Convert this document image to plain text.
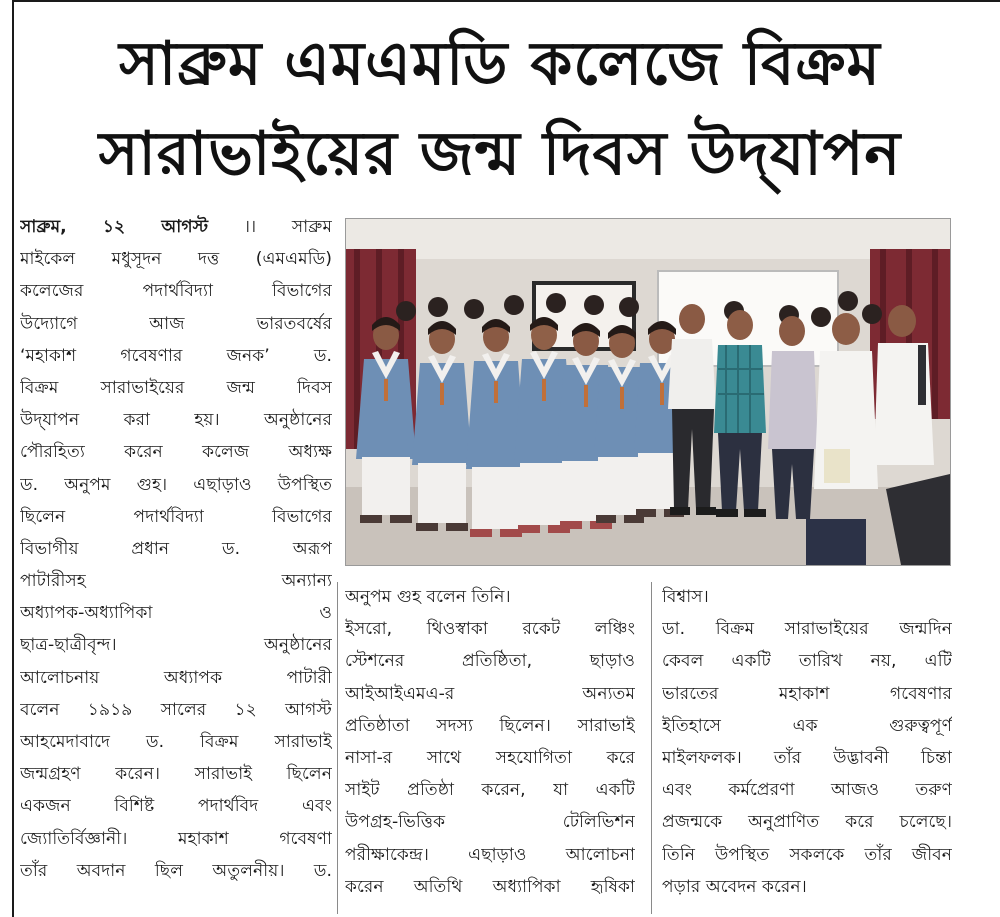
সাব্রুম এমএমডি কলেজে বিক্রম
সারাভাইয়ের জন্ম দিবস উদ্‌যাপন
সাব্রুম, ১২ আগস্ট ।। সাব্রুম
মাইকেল মধুসূদন দত্ত (এমএমডি)
কলেজের পদার্থবিদ্যা বিভাগের
উদ্যোগে আজ ভারতবর্ষের
‘মহাকাশ গবেষণার জনক’ ড.
বিক্রম সারাভাইয়ের জন্ম দিবস
উদ্‌যাপন করা হয়। অনুষ্ঠানের
পৌরহিত্য করেন কলেজ অধ্যক্ষ
ড. অনুপম গুহ। এছাড়াও উপস্থিত
ছিলেন পদার্থবিদ্যা বিভাগের
বিভাগীয় প্রধান ড. অরূপ
পাটারীসহ অন্যান্য
অধ্যাপক-অধ্যাপিকা ও
ছাত্র-ছাত্রীবৃন্দ। অনুষ্ঠানের
আলোচনায় অধ্যাপক পাটারী
বলেন ১৯১৯ সালের ১২ আগস্ট
আহমেদাবাদে ড. বিক্রম সারাভাই
জন্মগ্রহণ করেন। সারাভাই ছিলেন
একজন বিশিষ্ট পদার্থবিদ এবং
জ্যোতির্বিজ্ঞানী। মহাকাশ গবেষণা
তাঁর অবদান ছিল অতুলনীয়। ড.
অনুপম গুহ বলেন তিনি।
ইসরো, থিওস্বাকা রকেট লঞ্চিং
স্টেশনের প্রতিষ্ঠিতা, ছাড়াও
আইআইএমএ-র অন্যতম
প্রতিষ্ঠাতা সদস্য ছিলেন। সারাভাই
নাসা-র সাথে সহযোগিতা করে
সাইট প্রতিষ্ঠা করেন, যা একটি
উপগ্রহ-ভিত্তিক টেলিভিশন
পরীক্ষাকেন্দ্র। এছাড়াও আলোচনা
করেন অতিথি অধ্যাপিকা হৃষিকা
বিশ্বাস।
ডা. বিক্রম সারাভাইয়ের জন্মদিন
কেবল একটি তারিখ নয়, এটি
ভারতের মহাকাশ গবেষণার
ইতিহাসে এক গুরুত্বপূর্ণ
মাইলফলক। তাঁর উদ্ভাবনী চিন্তা
এবং কর্মপ্রেরণা আজও তরুণ
প্রজন্মকে অনুপ্রাণিত করে চলেছে।
তিনি উপস্থিত সকলকে তাঁর জীবন
পড়ার অবেদন করেন।
